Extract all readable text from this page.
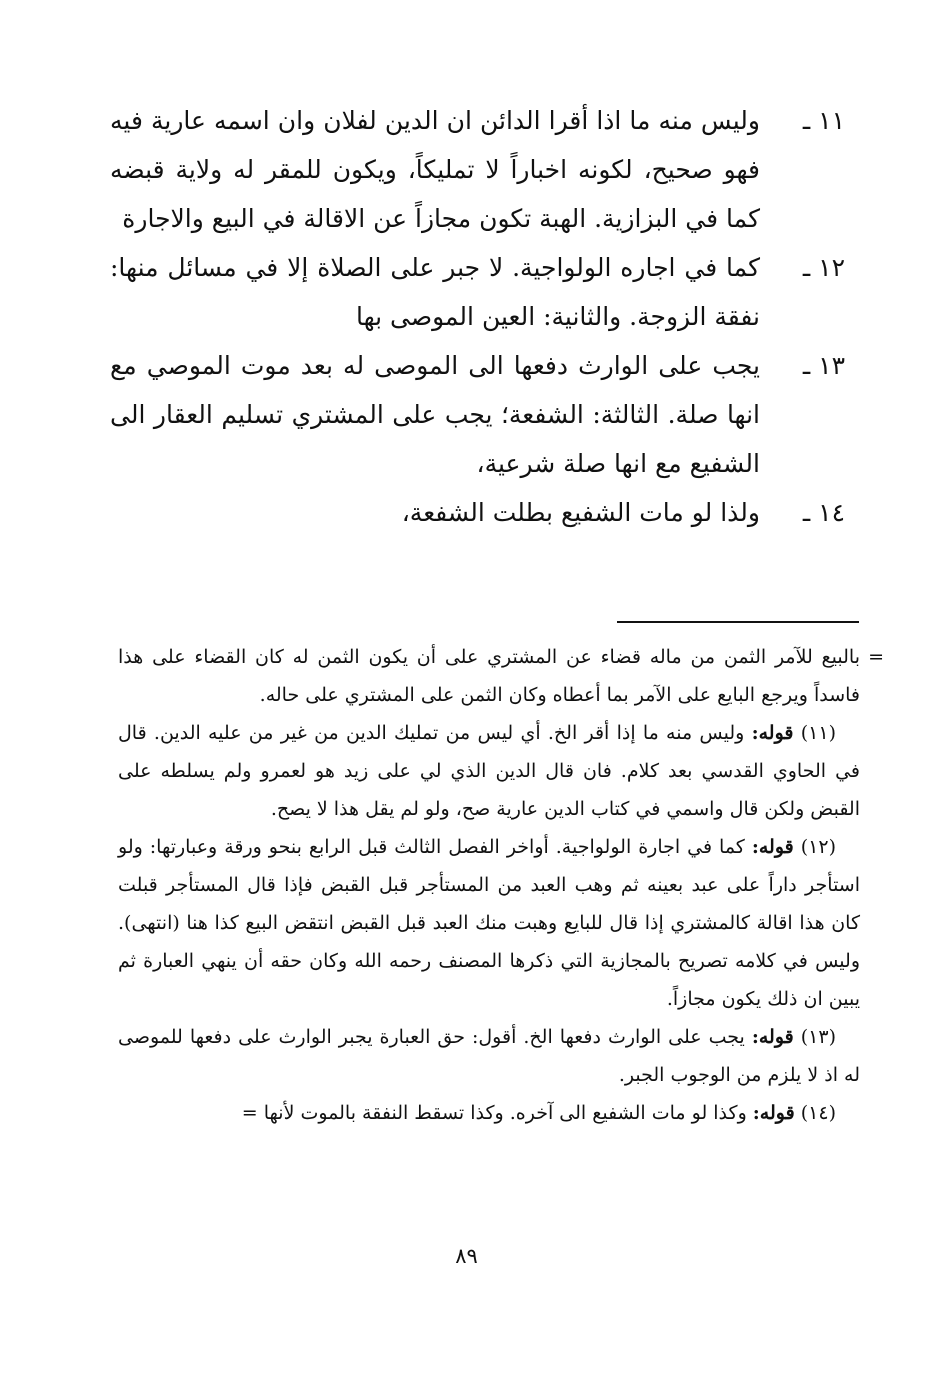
١١ ـ
وليس منه ما اذا أقرا الدائن ان الدين لفلان وان اسمه عارية فيه فهو صحيح، لكونه اخباراً لا تمليكاً، ويكون للمقر له ولاية قبضه كما في البزازية. الهبة تكون مجازاً عن الاقالة في البيع والاجارة
١٢ ـ
كما في اجاره الولواجية. لا جبر على الصلاة إلا في مسائل منها: نفقة الزوجة. والثانية: العين الموصى بها
١٣ ـ
يجب على الوارث دفعها الى الموصى له بعد موت الموصي مع انها صلة. الثالثة: الشفعة؛ يجب على المشتري تسليم العقار الى الشفيع مع انها صلة شرعية،
١٤ ـ
ولذا لو مات الشفيع بطلت الشفعة،
=

بالبيع للآمر الثمن من ماله قضاء عن المشتري على أن يكون الثمن له كان القضاء على هذا فاسداً ويرجع البايع على الآمر بما أعطاه وكان الثمن على المشتري على حاله.

(١١) قوله: وليس منه ما إذا أقر الخ. أي ليس من تمليك الدين من غير من عليه الدين. قال في الحاوي القدسي بعد كلام. فان قال الدين الذي لي على زيد هو لعمرو ولم يسلطه على القبض ولكن قال واسمي في كتاب الدين عارية صح، ولو لم يقل هذا لا يصح.

(١٢) قوله: كما في اجارة الولواجية. أواخر الفصل الثالث قبل الرابع بنحو ورقة وعبارتها: ولو استأجر داراً على عبد بعينه ثم وهب العبد من المستأجر قبل القبض فإذا قال المستأجر قبلت كان هذا اقالة كالمشتري إذا قال للبايع وهبت منك العبد قبل القبض انتقض البيع كذا هنا (انتهى). وليس في كلامه تصريح بالمجازية التي ذكرها المصنف رحمه الله وكان حقه أن ينهي العبارة ثم يبين ان ذلك يكون مجازاً.

(١٣) قوله: يجب على الوارث دفعها الخ. أقول: حق العبارة يجبر الوارث على دفعها للموصى له اذ لا يلزم من الوجوب الجبر.

(١٤) قوله: وكذا لو مات الشفيع الى آخره. وكذا تسقط النفقة بالموت لأنها =

٨٩
